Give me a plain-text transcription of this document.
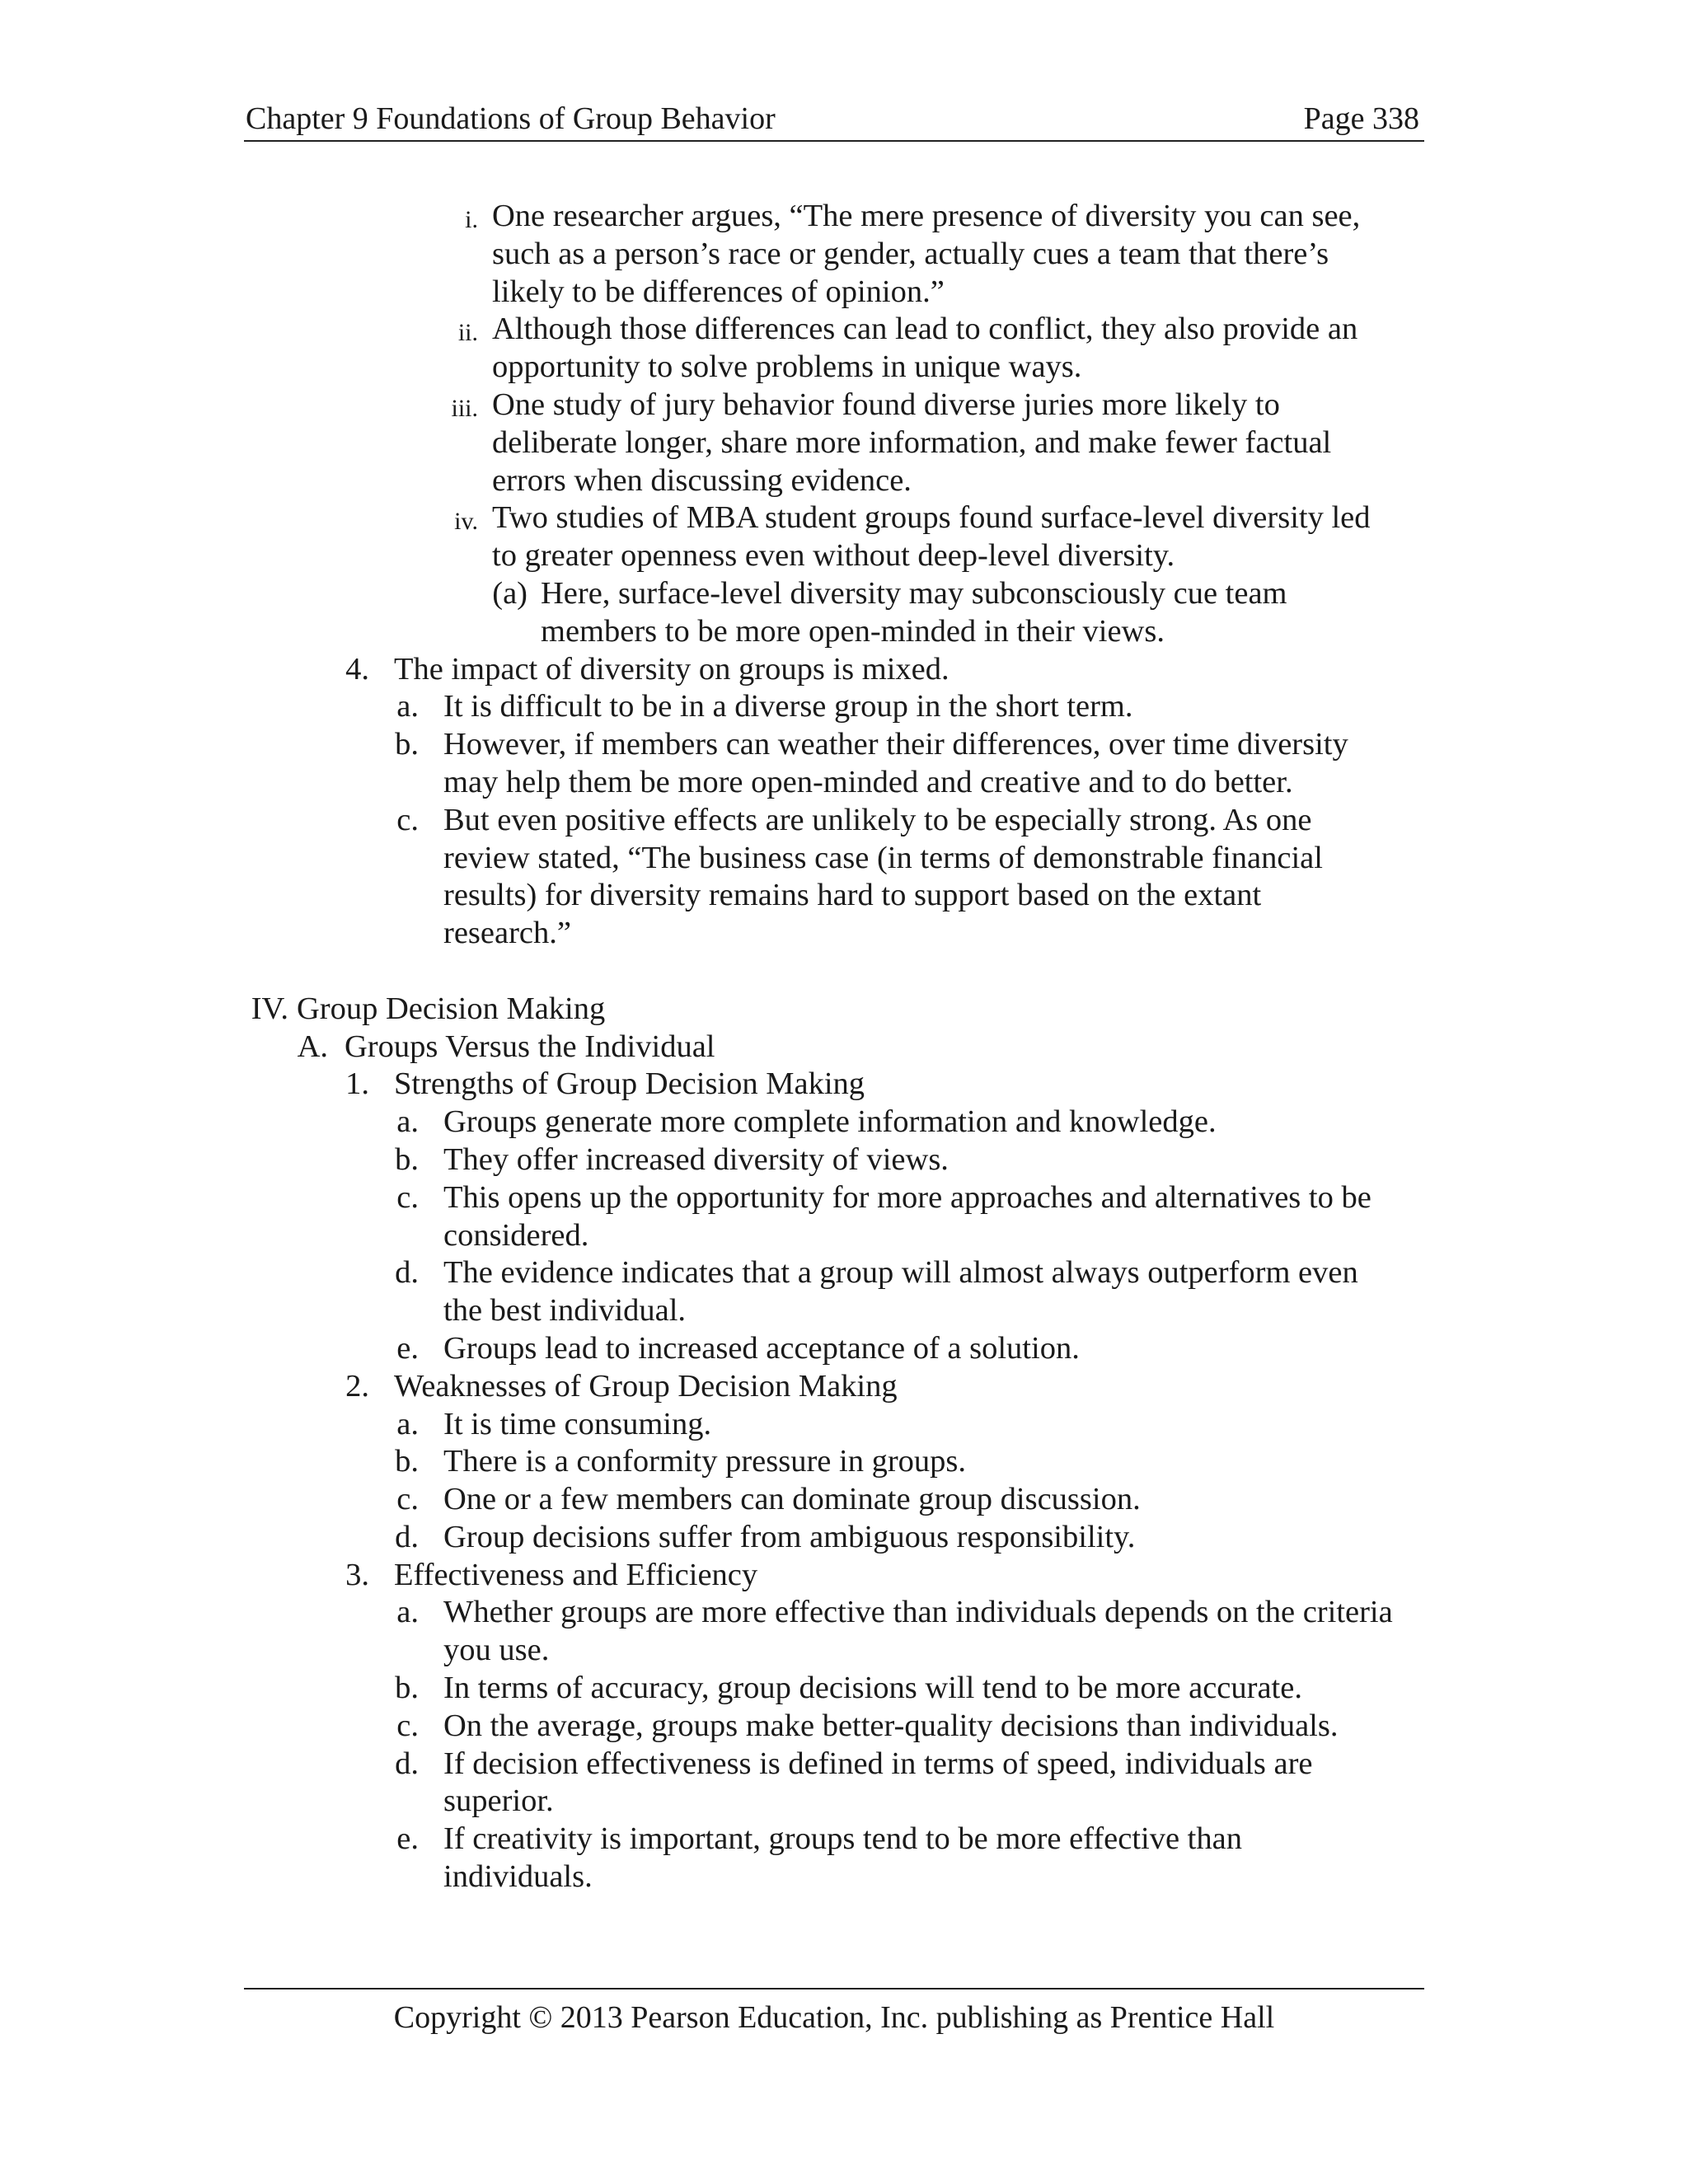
Chapter 9 Foundations of Group Behavior	Page 338
i. One researcher argues, “The mere presence of diversity you can see,
such as a person’s race or gender, actually cues a team that there’s
likely to be differences of opinion.”
ii. Although those differences can lead to conflict, they also provide an
opportunity to solve problems in unique ways.
iii. One study of jury behavior found diverse juries more likely to
deliberate longer, share more information, and make fewer factual
errors when discussing evidence.
iv. Two studies of MBA student groups found surface-level diversity led
to greater openness even without deep-level diversity.
(a) Here, surface-level diversity may subconsciously cue team
members to be more open-minded in their views.
4. The impact of diversity on groups is mixed.
a. It is difficult to be in a diverse group in the short term.
b. However, if members can weather their differences, over time diversity
may help them be more open-minded and creative and to do better.
c. But even positive effects are unlikely to be especially strong. As one
review stated, “The business case (in terms of demonstrable financial
results) for diversity remains hard to support based on the extant
research.”
IV. Group Decision Making
A. Groups Versus the Individual
1. Strengths of Group Decision Making
a. Groups generate more complete information and knowledge.
b. They offer increased diversity of views.
c. This opens up the opportunity for more approaches and alternatives to be
considered.
d. The evidence indicates that a group will almost always outperform even
the best individual.
e. Groups lead to increased acceptance of a solution.
2. Weaknesses of Group Decision Making
a. It is time consuming.
b. There is a conformity pressure in groups.
c. One or a few members can dominate group discussion.
d. Group decisions suffer from ambiguous responsibility.
3. Effectiveness and Efficiency
a. Whether groups are more effective than individuals depends on the criteria
you use.
b. In terms of accuracy, group decisions will tend to be more accurate.
c. On the average, groups make better-quality decisions than individuals.
d. If decision effectiveness is defined in terms of speed, individuals are
superior.
e. If creativity is important, groups tend to be more effective than
individuals.
Copyright © 2013 Pearson Education, Inc. publishing as Prentice Hall
